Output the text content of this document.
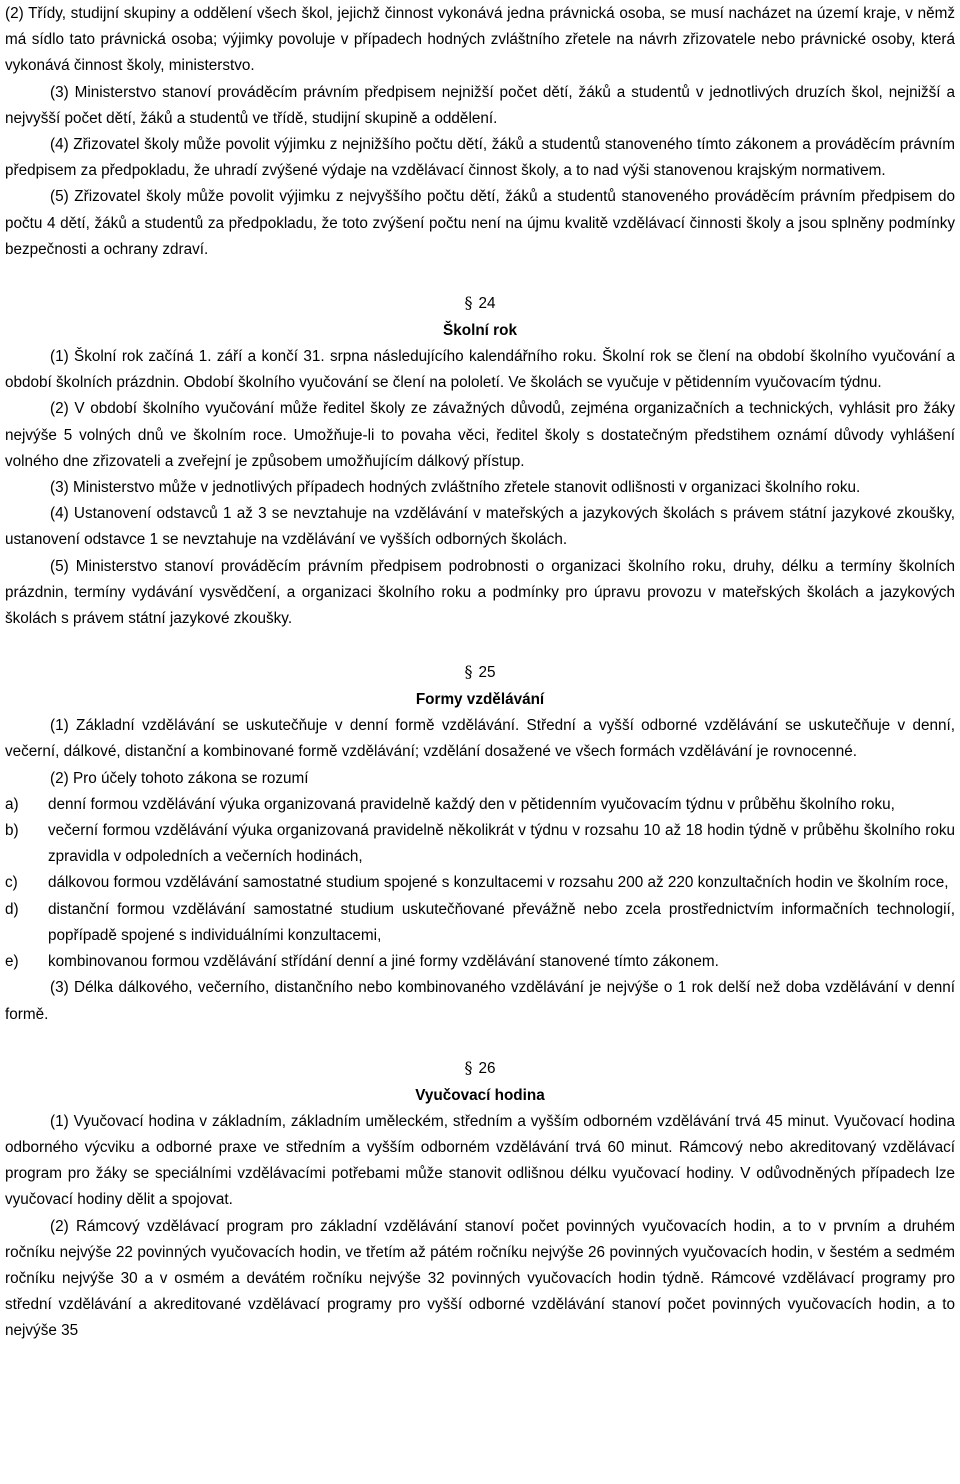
(2) Třídy, studijní skupiny a oddělení všech škol, jejichž činnost vykonává jedna právnická osoba, se musí nacházet na území kraje, v němž má sídlo tato právnická osoba; výjimky povoluje v případech hodných zvláštního zřetele na návrh zřizovatele nebo právnické osoby, která vykonává činnost školy, ministerstvo.

(3) Ministerstvo stanoví prováděcím právním předpisem nejnižší počet dětí, žáků a studentů v jednotlivých druzích škol, nejnižší a nejvyšší počet dětí, žáků a studentů ve třídě, studijní skupině a oddělení.

(4) Zřizovatel školy může povolit výjimku z nejnižšího počtu dětí, žáků a studentů stanoveného tímto zákonem a prováděcím právním předpisem za předpokladu, že uhradí zvýšené výdaje na vzdělávací činnost školy, a to nad výši stanovenou krajským normativem.

(5) Zřizovatel školy může povolit výjimku z nejvyššího počtu dětí, žáků a studentů stanoveného prováděcím právním předpisem do počtu 4 dětí, žáků a studentů za předpokladu, že toto zvýšení počtu není na újmu kvalitě vzdělávací činnosti školy a jsou splněny podmínky bezpečnosti a ochrany zdraví.

§ 24
Školní rok

(1) Školní rok začíná 1. září a končí 31. srpna následujícího kalendářního roku. Školní rok se člení na období školního vyučování a období školních prázdnin. Období školního vyučování se člení na pololetí. Ve školách se vyučuje v pětidenním vyučovacím týdnu.

(2) V období školního vyučování může ředitel školy ze závažných důvodů, zejména organizačních a technických, vyhlásit pro žáky nejvýše 5 volných dnů ve školním roce. Umožňuje-li to povaha věci, ředitel školy s dostatečným předstihem oznámí důvody vyhlášení volného dne zřizovateli a zveřejní je způsobem umožňujícím dálkový přístup.

(3) Ministerstvo může v jednotlivých případech hodných zvláštního zřetele stanovit odlišnosti v organizaci školního roku.

(4) Ustanovení odstavců 1 až 3 se nevztahuje na vzdělávání v mateřských a jazykových školách s právem státní jazykové zkoušky, ustanovení odstavce 1 se nevztahuje na vzdělávání ve vyšších odborných školách.

(5) Ministerstvo stanoví prováděcím právním předpisem podrobnosti o organizaci školního roku, druhy, délku a termíny školních prázdnin, termíny vydávání vysvědčení, a organizaci školního roku a podmínky pro úpravu provozu v mateřských školách a jazykových školách s právem státní jazykové zkoušky.

§ 25
Formy vzdělávání

(1) Základní vzdělávání se uskutečňuje v denní formě vzdělávání. Střední a vyšší odborné vzdělávání se uskutečňuje v denní, večerní, dálkové, distanční a kombinované formě vzdělávání; vzdělání dosažené ve všech formách vzdělávání je rovnocenné.

(2) Pro účely tohoto zákona se rozumí

a)	denní formou vzdělávání výuka organizovaná pravidelně každý den v pětidenním vyučovacím týdnu v průběhu školního roku,
b)	večerní formou vzdělávání výuka organizovaná pravidelně několikrát v týdnu v rozsahu 10 až 18 hodin týdně v průběhu školního roku zpravidla v odpoledních a večerních hodinách,
c)	dálkovou formou vzdělávání samostatné studium spojené s konzultacemi v rozsahu 200 až 220 konzultačních hodin ve školním roce,
d)	distanční formou vzdělávání samostatné studium uskutečňované převážně nebo zcela prostřednictvím informačních technologií, popřípadě spojené s individuálními konzultacemi,
e)	kombinovanou formou vzdělávání střídání denní a jiné formy vzdělávání stanovené tímto zákonem.

(3) Délka dálkového, večerního, distančního nebo kombinovaného vzdělávání je nejvýše o 1 rok delší než doba vzdělávání v denní formě.

§ 26
Vyučovací hodina

(1) Vyučovací hodina v základním, základním uměleckém, středním a vyšším odborném vzdělávání trvá 45 minut. Vyučovací hodina odborného výcviku a odborné praxe ve středním a vyšším odborném vzdělávání trvá 60 minut. Rámcový nebo akreditovaný vzdělávací program pro žáky se speciálními vzdělávacími potřebami může stanovit odlišnou délku vyučovací hodiny. V odůvodněných případech lze vyučovací hodiny dělit a spojovat.

(2) Rámcový vzdělávací program pro základní vzdělávání stanoví počet povinných vyučovacích hodin, a to v prvním a druhém ročníku nejvýše 22 povinných vyučovacích hodin, ve třetím až pátém ročníku nejvýše 26 povinných vyučovacích hodin, v šestém a sedmém ročníku nejvýše 30 a v osmém a devátém ročníku nejvýše 32 povinných vyučovacích hodin týdně. Rámcové vzdělávací programy pro střední vzdělávání a akreditované vzdělávací programy pro vyšší odborné vzdělávání stanoví počet povinných vyučovacích hodin, a to nejvýše 35
